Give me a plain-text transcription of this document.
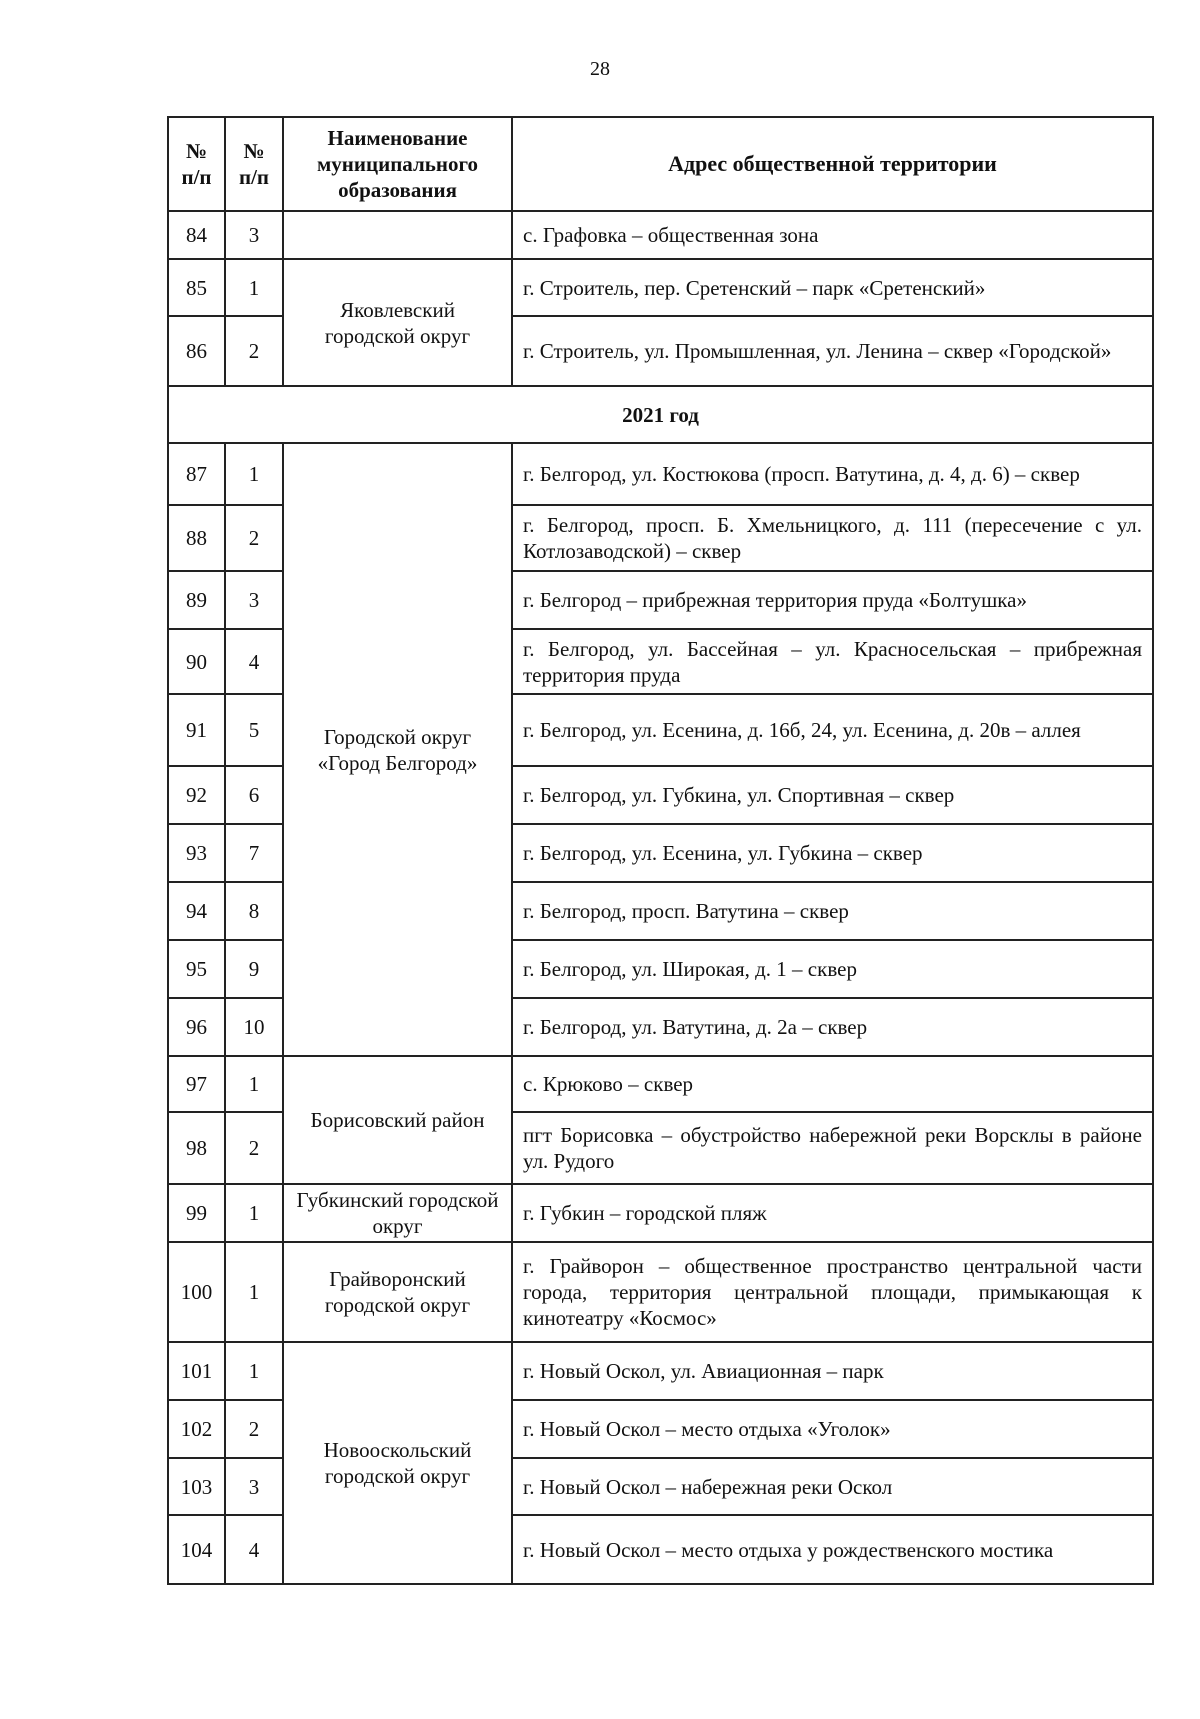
28
№ п/п	№ п/п	Наименование муниципального образования	Адрес общественной территории
84	3		с. Графовка – общественная зона
85	1	Яковлевский городской округ	г. Строитель, пер. Сретенский – парк «Сретенский»
86	2		г. Строитель, ул. Промышленная, ул. Ленина – сквер «Городской»
2021 год			
87	1	Городской округ «Город Белгород»	г. Белгород, ул. Костюкова (просп. Ватутина, д. 4, д. 6) – сквер
88	2		г. Белгород, просп. Б. Хмельницкого, д. 111 (пересечение с ул. Котлозаводской) – сквер
89	3		г. Белгород – прибрежная территория пруда «Болтушка»
90	4		г. Белгород, ул. Бассейная – ул. Красносельская – прибрежная территория пруда
91	5		г. Белгород, ул. Есенина, д. 16б, 24, ул. Есенина, д. 20в – аллея
92	6		г. Белгород, ул. Губкина, ул. Спортивная – сквер
93	7		г. Белгород, ул. Есенина, ул. Губкина – сквер
94	8		г. Белгород, просп. Ватутина – сквер
95	9		г. Белгород, ул. Широкая, д. 1 – сквер
96	10		г. Белгород, ул. Ватутина, д. 2а – сквер
97	1	Борисовский район	с. Крюково – сквер
98	2		пгт Борисовка – обустройство набережной реки Ворсклы в районе ул. Рудого
99	1	Губкинский городской округ	г. Губкин – городской пляж
100	1	Грайворонский городской округ	г. Грайворон – общественное пространство центральной части города, территория центральной площади, примыкающая к кинотеатру «Космос»
101	1	Новооскольский городской округ	г. Новый Оскол, ул. Авиационная – парк
102	2		г. Новый Оскол – место отдыха «Уголок»
103	3		г. Новый Оскол – набережная реки Оскол
104	4		г. Новый Оскол – место отдыха у рождественского мостика
